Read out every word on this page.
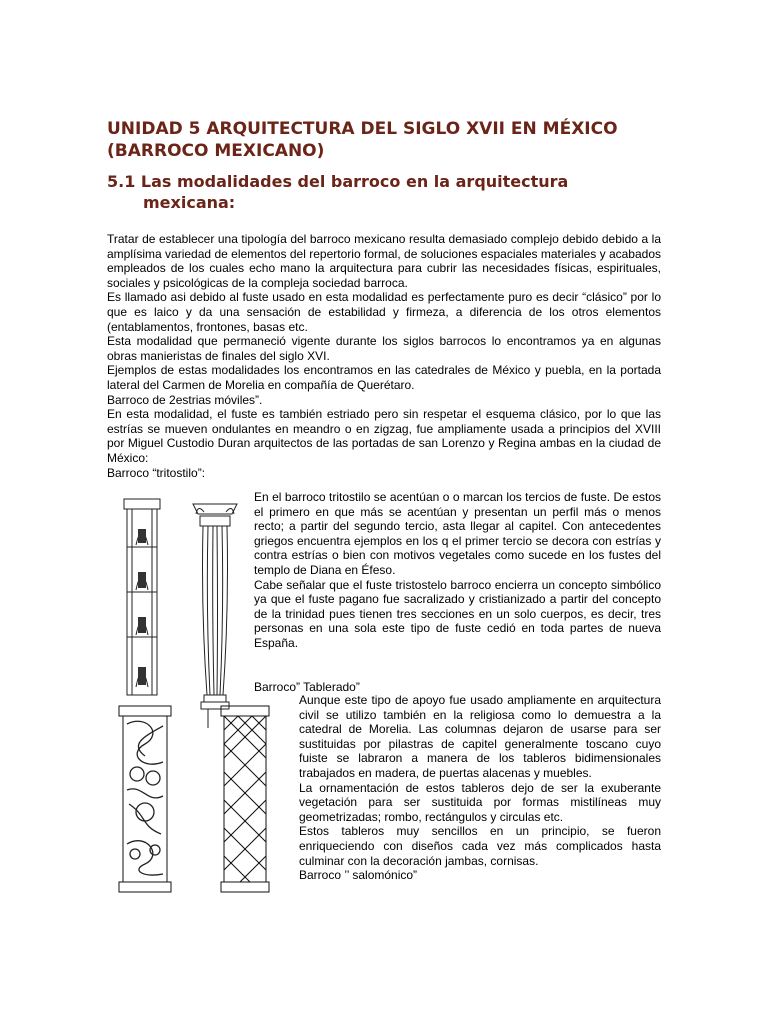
UNIDAD 5 ARQUITECTURA DEL SIGLO XVII EN MÉXICO (BARROCO MEXICANO)
5.1 Las modalidades del barroco en la arquitectura
mexicana:

Tratar de establecer una tipología del barroco mexicano resulta demasiado complejo debido debido a la amplísima variedad de elementos del repertorio formal, de soluciones espaciales materiales y acabados empleados de los cuales echo mano la arquitectura para cubrir las necesidades físicas, espirituales, sociales y psicológicas de la compleja sociedad barroca.

Es llamado asi debido al fuste usado en esta modalidad es perfectamente puro es decir “clásico” por lo que es laico y da una sensación de estabilidad y firmeza, a diferencia de los otros elementos (entablamentos, frontones, basas etc.

Esta modalidad que permaneció vigente durante los siglos barrocos lo encontramos ya en algunas obras manieristas de finales del siglo XVI.

Ejemplos de estas modalidades los encontramos en las catedrales de México y puebla, en la portada lateral del Carmen de Morelia en compañía de Querétaro.

Barroco de 2estrias móviles”.

En esta modalidad, el fuste es también estriado pero sin respetar el esquema clásico, por lo que las estrías se mueven ondulantes en meandro o en zigzag, fue ampliamente usada a principios del XVIII por Miguel Custodio Duran arquitectos de las portadas de san Lorenzo y Regina ambas en la ciudad de México:

Barroco “tritostilo”:

En el barroco tritostilo se acentúan o o marcan los tercios de fuste. De estos el primero en que más se acentúan y presentan un perfil más o menos recto; a partir del segundo tercio, asta llegar al capitel. Con antecedentes griegos encuentra ejemplos en los q el primer tercio se decora con estrías y contra estrías o bien con motivos vegetales como sucede en los fustes del templo de Diana en Éfeso.

Cabe señalar que el fuste tristostelo barroco encierra un concepto simbólico ya que el fuste pagano fue sacralizado y cristianizado a partir del concepto de la trinidad pues tienen tres secciones en un solo cuerpos, es decir, tres personas en una sola este tipo de fuste cedió en toda partes de nueva España.

Barroco” Tablerado”

Aunque este tipo de apoyo fue usado ampliamente en arquitectura civil se utilizo también en la religiosa como lo demuestra a la catedral de Morelia. Las columnas dejaron de usarse para ser sustituidas por pilastras de capitel generalmente toscano cuyo fuiste se labraron a manera de los tableros bidimensionales trabajados en madera, de puertas alacenas y muebles.

La ornamentación de estos tableros dejo de ser la exuberante vegetación para ser sustituida por formas mistilíneas muy geometrizadas; rombo, rectángulos y circulas etc.

Estos tableros muy sencillos en un principio, se fueron enriqueciendo con diseños cada vez más complicados hasta culminar con la decoración jambas, cornisas.

Barroco ’’ salomónico”
